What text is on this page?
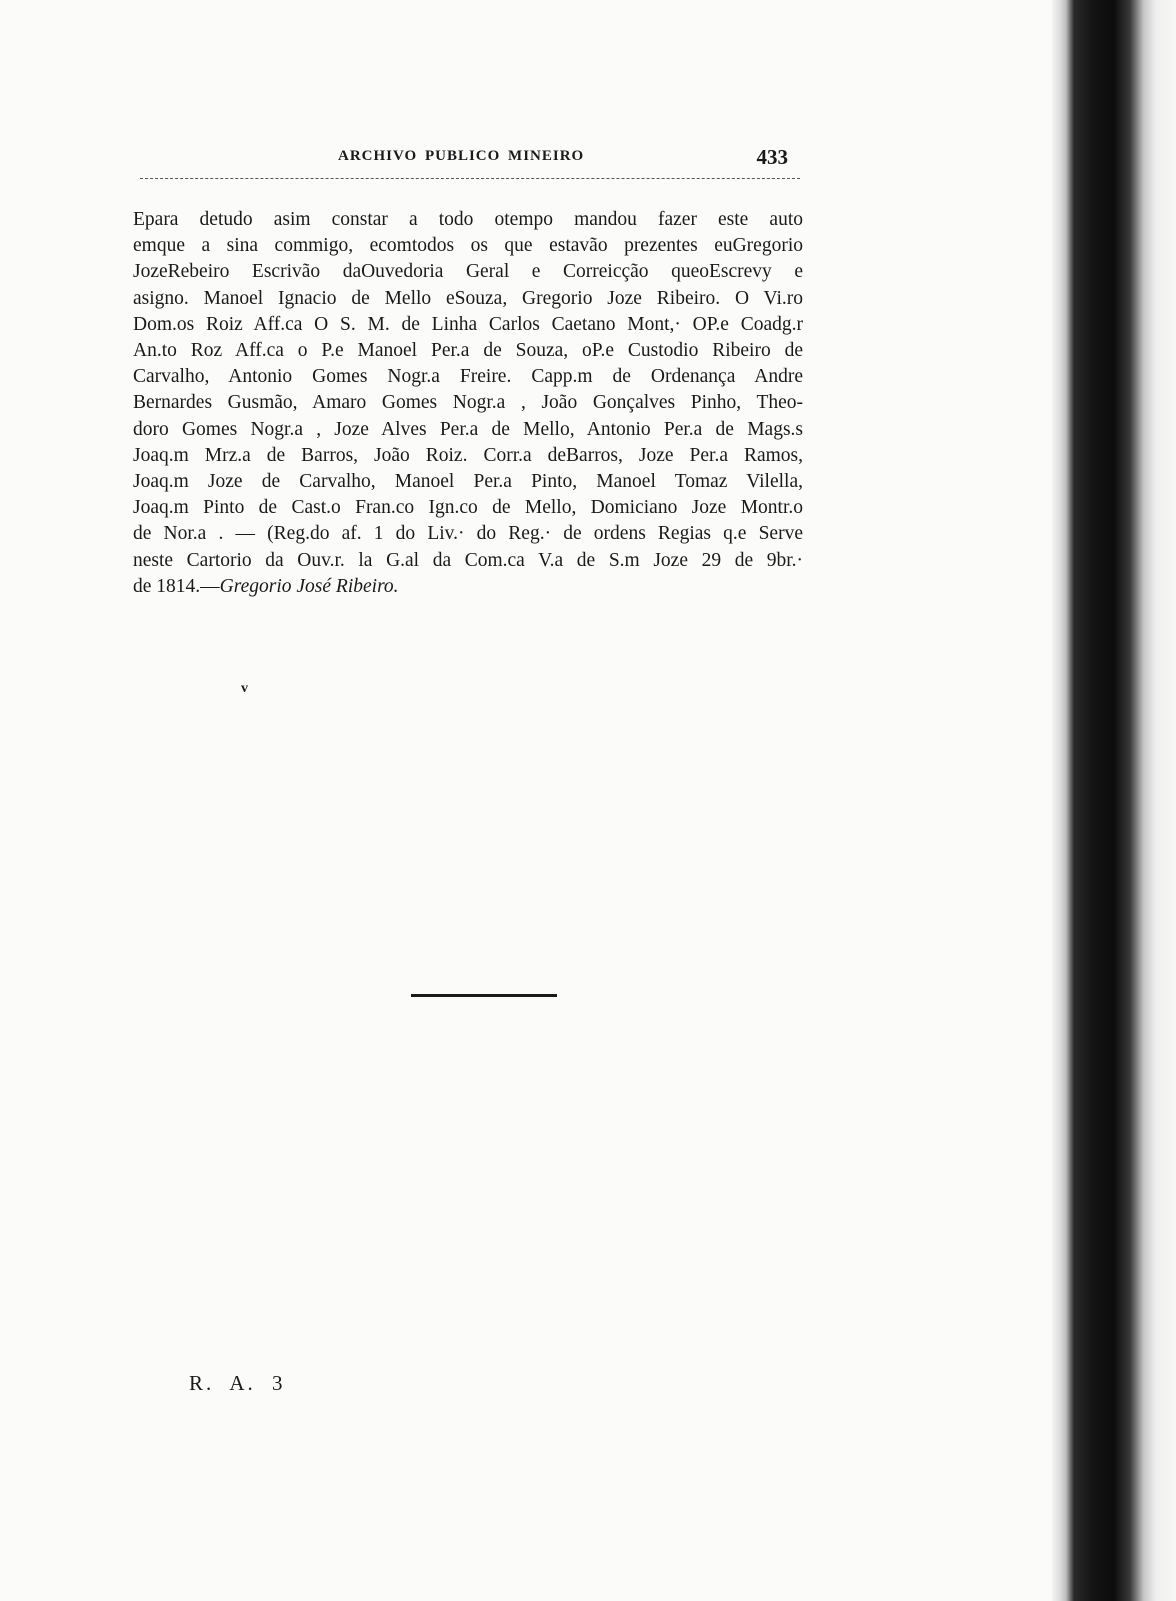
ARCHIVO PUBLICO MINEIRO	433
Epara detudo asim constar a todo otempo mandou fazer este auto
emque a sina commigo, ecomtodos os que estavão prezentes euGregorio
JozeRebeiro Escrivão daOuvedoria Geral e Correicção queoEscrevy e
asigno. Manoel Ignacio de Mello eSouza, Gregorio Joze Ribeiro. O Vi.ro
Dom.os Roiz Aff.ca O S. M. de Linha Carlos Caetano Mont,· OP.e Coadg.r
An.to Roz Aff.ca o P.e Manoel Per.a de Souza, oP.e Custodio Ribeiro de
Carvalho, Antonio Gomes Nogr.a Freire. Capp.m de Ordenança Andre
Bernardes Gusmão, Amaro Gomes Nogr.a , João Gonçalves Pinho, Theo-
doro Gomes Nogr.a , Joze Alves Per.a de Mello, Antonio Per.a de Mags.s
Joaq.m Mrz.a de Barros, João Roiz. Corr.a deBarros, Joze Per.a Ramos,
Joaq.m Joze de Carvalho, Manoel Per.a Pinto, Manoel Tomaz Vilella,
Joaq.m Pinto de Cast.o Fran.co Ign.co de Mello, Domiciano Joze Montr.o
de Nor.a . — (Reg.do af. 1 do Liv.· do Reg.· de ordens Regias q.e Serve
neste Cartorio da Ouv.r. la G.al da Com.ca V.a de S.m Joze 29 de 9br.·
de 1814.—Gregorio José Ribeiro.
v
R. A. 3
